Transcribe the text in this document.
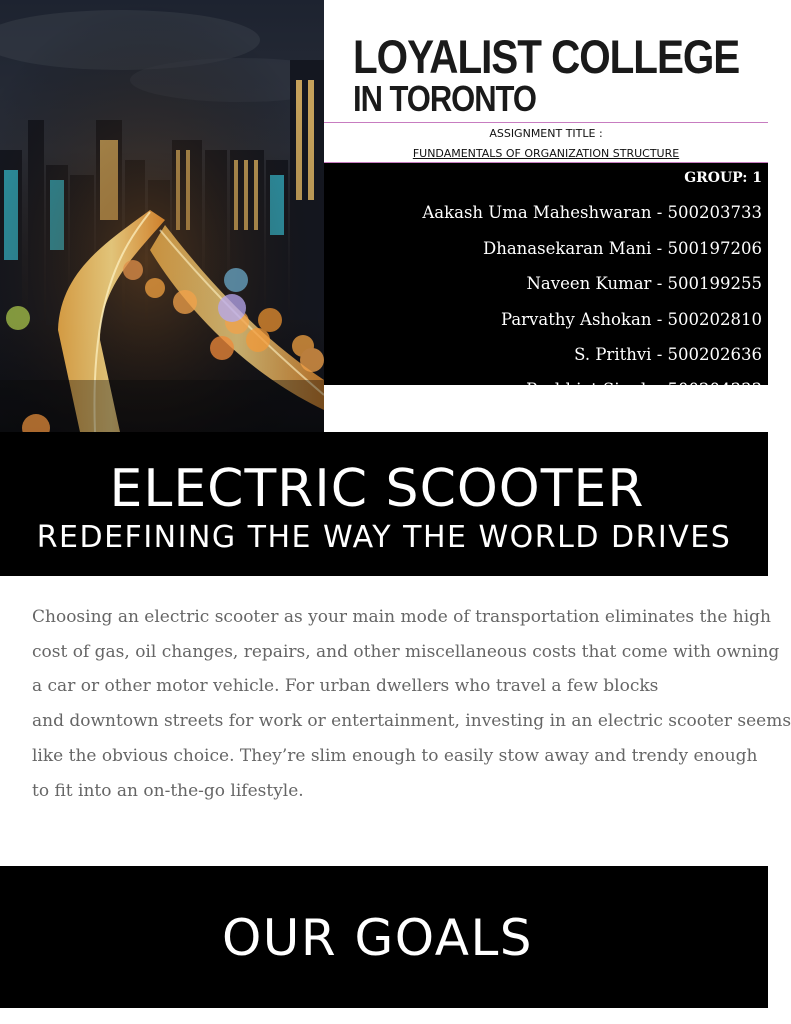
LOYALIST COLLEGE
IN TORONTO
ASSIGNMENT TITLE :
FUNDAMENTALS OF ORGANIZATION STRUCTURE
GROUP: 1
Aakash Uma Maheshwaran - 500203733
Dhanasekaran Mani - 500197206
Naveen Kumar - 500199255
Parvathy Ashokan - 500202810
S. Prithvi - 500202636
ELECTRIC SCOOTER
REDEFINING THE WAY THE WORLD DRIVES
Choosing an electric scooter as your main mode of transportation eliminates the high
cost of gas, oil changes, repairs, and other miscellaneous costs that come with owning
a car or other motor vehicle. For urban dwellers who travel a few blocks
and downtown streets for work or entertainment, investing in an electric scooter seems
like the obvious choice. They’re slim enough to easily stow away and trendy enough
to fit into an on-the-go lifestyle.
OUR GOALS
